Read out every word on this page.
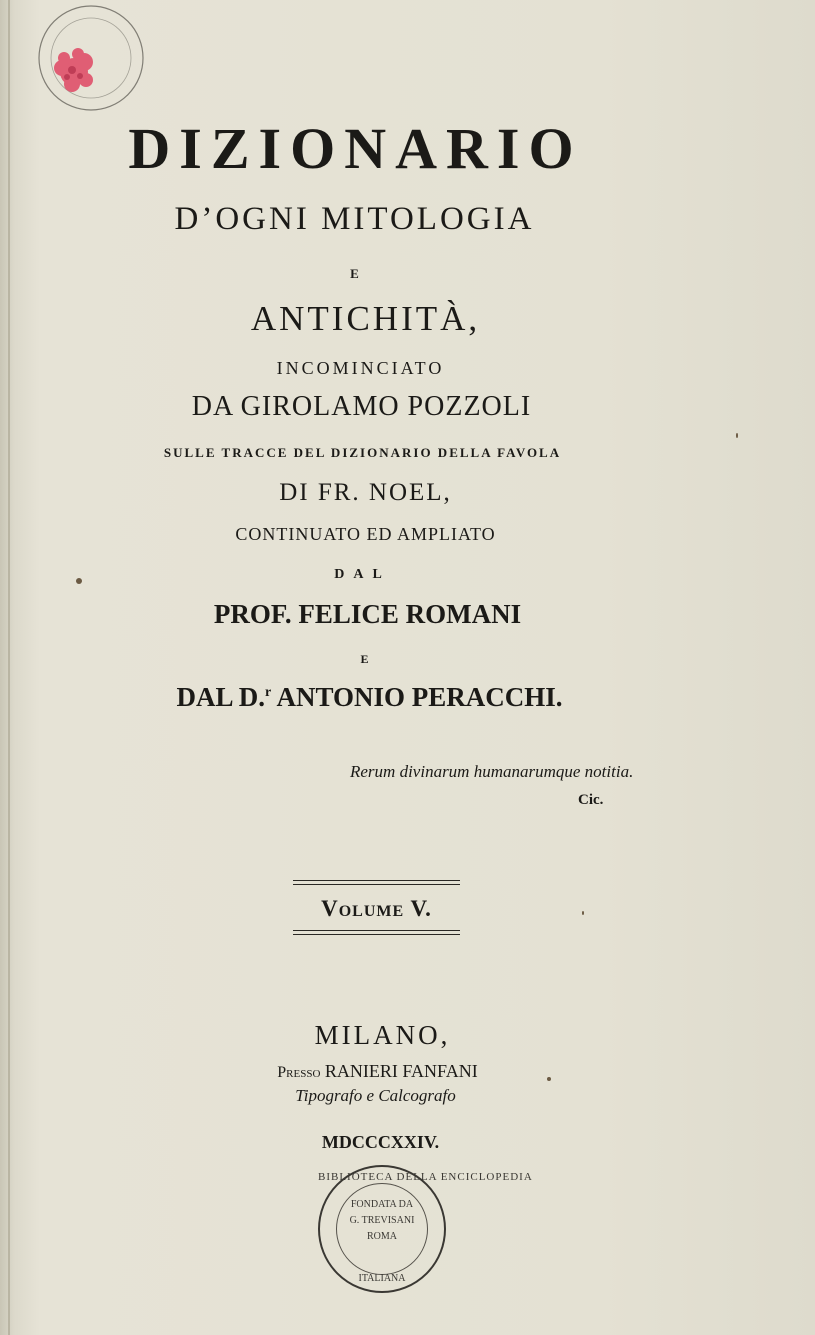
DIZIONARIO
D’OGNI MITOLOGIA
E
ANTICHITÀ,
INCOMINCIATO
DA GIROLAMO POZZOLI
SULLE TRACCE DEL DIZIONARIO DELLA FAVOLA
DI FR. NOEL,
CONTINUATO ED AMPLIATO
DAL
PROF. FELICE ROMANI
E
DAL D.$^r$ ANTONIO PERACCHI.
Rerum divinarum humanarumque notitia.
Cic.
Volume V.
MILANO,
Presso RANIERI FANFANI
Tipografo e Calcografo
MDCCCXXIV.
BIBLIOTECA DELLA ENCICLOPEDIA
FONDATA DA
G. TREVISANI
ROMA
ITALIANA
